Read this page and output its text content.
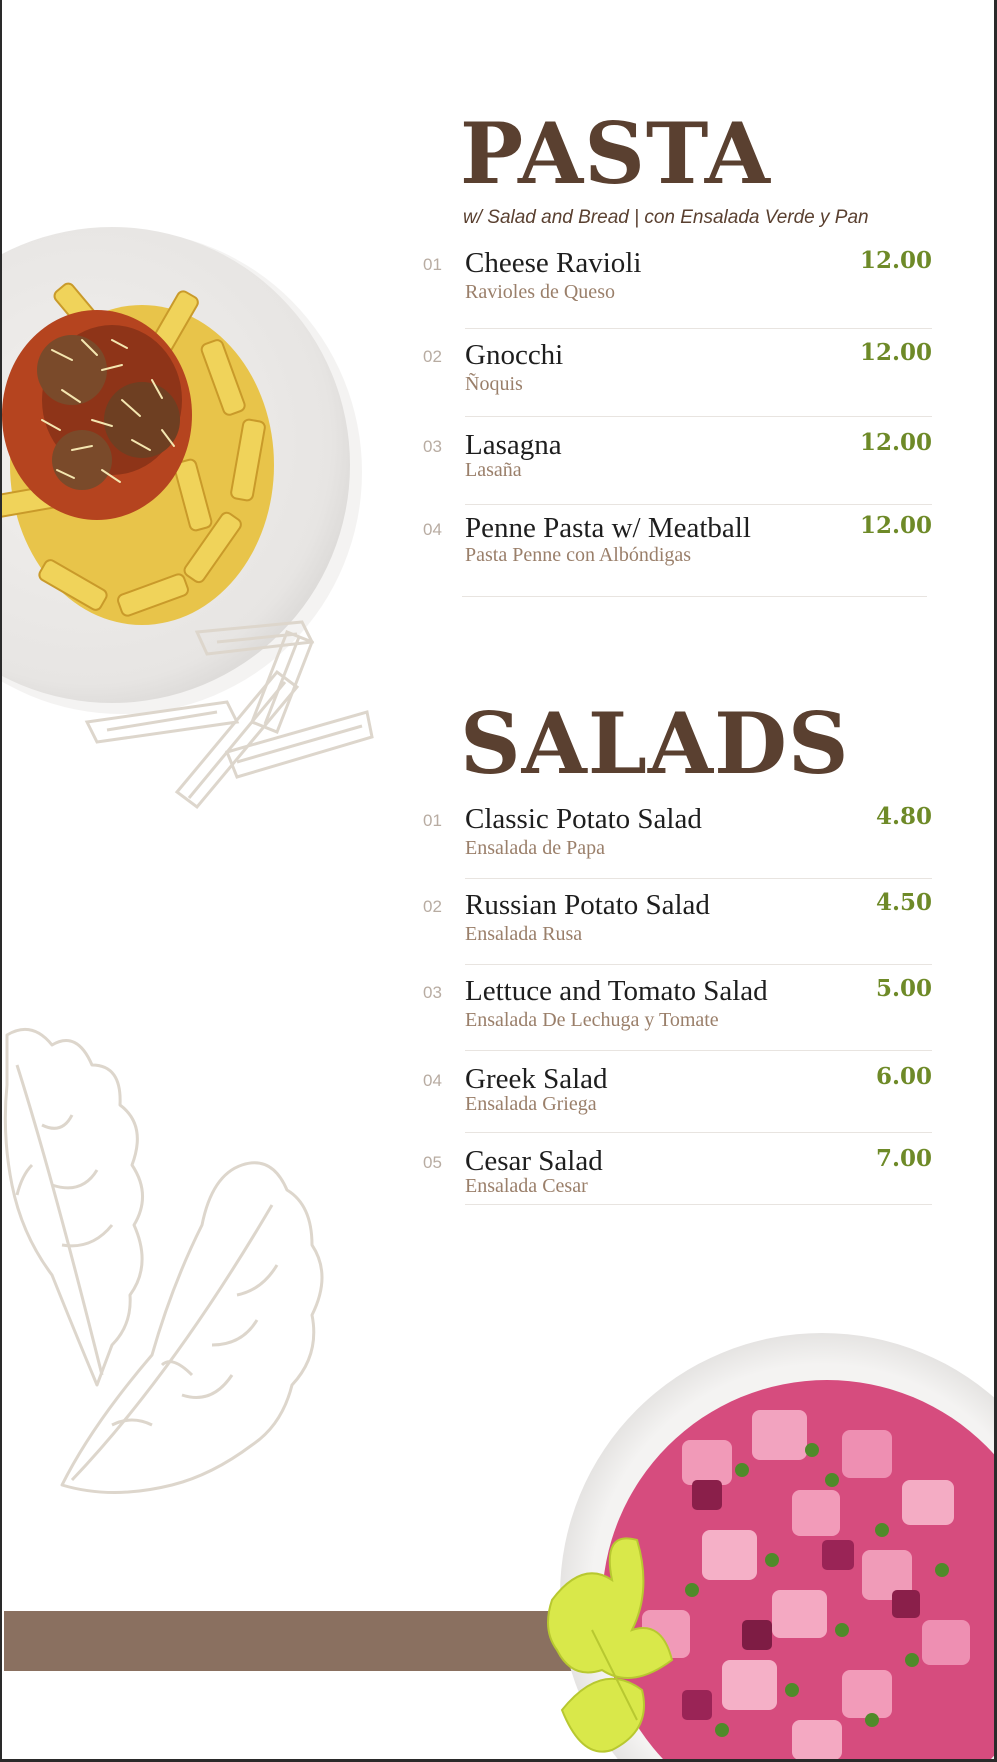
PASTA
w/ Salad and Bread | con Ensalada Verde y Pan
01 Cheese Ravioli
Ravioles de Queso
12.00
02 Gnocchi
Ñoquis
12.00
03 Lasagna
Lasaña
12.00
04 Penne Pasta w/ Meatball
Pasta Penne con Albóndigas
12.00
SALADS
01 Classic Potato Salad
Ensalada de Papa
4.80
02 Russian Potato Salad
Ensalada Rusa
4.50
03 Lettuce and Tomato Salad
Ensalada De Lechuga y Tomate
5.00
04 Greek Salad
Ensalada Griega
6.00
05 Cesar Salad
Ensalada Cesar
7.00
